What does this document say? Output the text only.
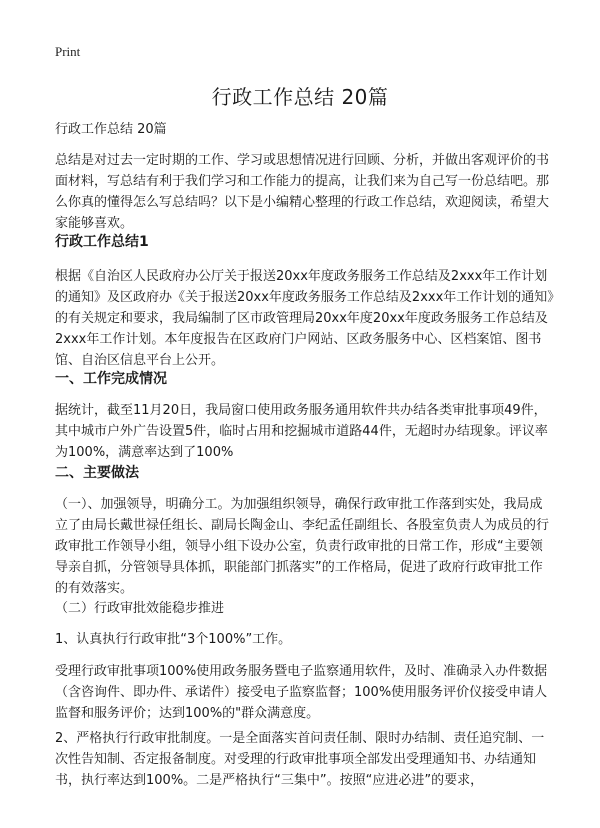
Print
行政工作总结 20篇

行政工作总结 20篇

总结是对过去一定时期的工作、学习或思想情况进行回顾、分析，并做出客观评价的书面材料，写总结有利于我们学习和工作能力的提高，让我们来为自己写一份总结吧。那么你真的懂得怎么写总结吗？以下是小编精心整理的行政工作总结，欢迎阅读，希望大家能够喜欢。

行政工作总结1

根据《自治区人民政府办公厅关于报送20xx年度政务服务工作总结及2xxx年工作计划的通知》及区政府办《关于报送20xx年度政务服务工作总结及2xxx年工作计划的通知》的有关规定和要求，我局编制了区市政管理局20xx年度20xx年度政务服务工作总结及2xxx年工作计划。本年度报告在区政府门户网站、区政务服务中心、区档案馆、图书馆、自治区信息平台上公开。

一、工作完成情况

据统计，截至11月20日，我局窗口使用政务服务通用软件共办结各类审批事项49件，其中城市户外广告设置5件，临时占用和挖掘城市道路44件，无超时办结现象。评议率为100%，满意率达到了100%

二、主要做法

（一）、加强领导，明确分工。为加强组织领导，确保行政审批工作落到实处，我局成立了由局长戴世禄任组长、副局长陶金山、李纪孟任副组长、各股室负责人为成员的行政审批工作领导小组，领导小组下设办公室，负责行政审批的日常工作，形成“主要领导亲自抓，分管领导具体抓，职能部门抓落实”的工作格局，促进了政府行政审批工作的有效落实。

（二）行政审批效能稳步推进

1、认真执行行政审批“3个100%”工作。

受理行政审批事项100%使用政务服务暨电子监察通用软件，及时、准确录入办件数据（含咨询件、即办件、承诺件）接受电子监察监督；100%使用服务评价仪接受申请人监督和服务评价；达到100%的"群众满意度。

2、严格执行行政审批制度。一是全面落实首问责任制、限时办结制、责任追究制、一次性告知制、否定报备制度。对受理的行政审批事项全部发出受理通知书、办结通知书，执行率达到100%。二是严格执行“三集中”。按照“应进必进”的要求，
